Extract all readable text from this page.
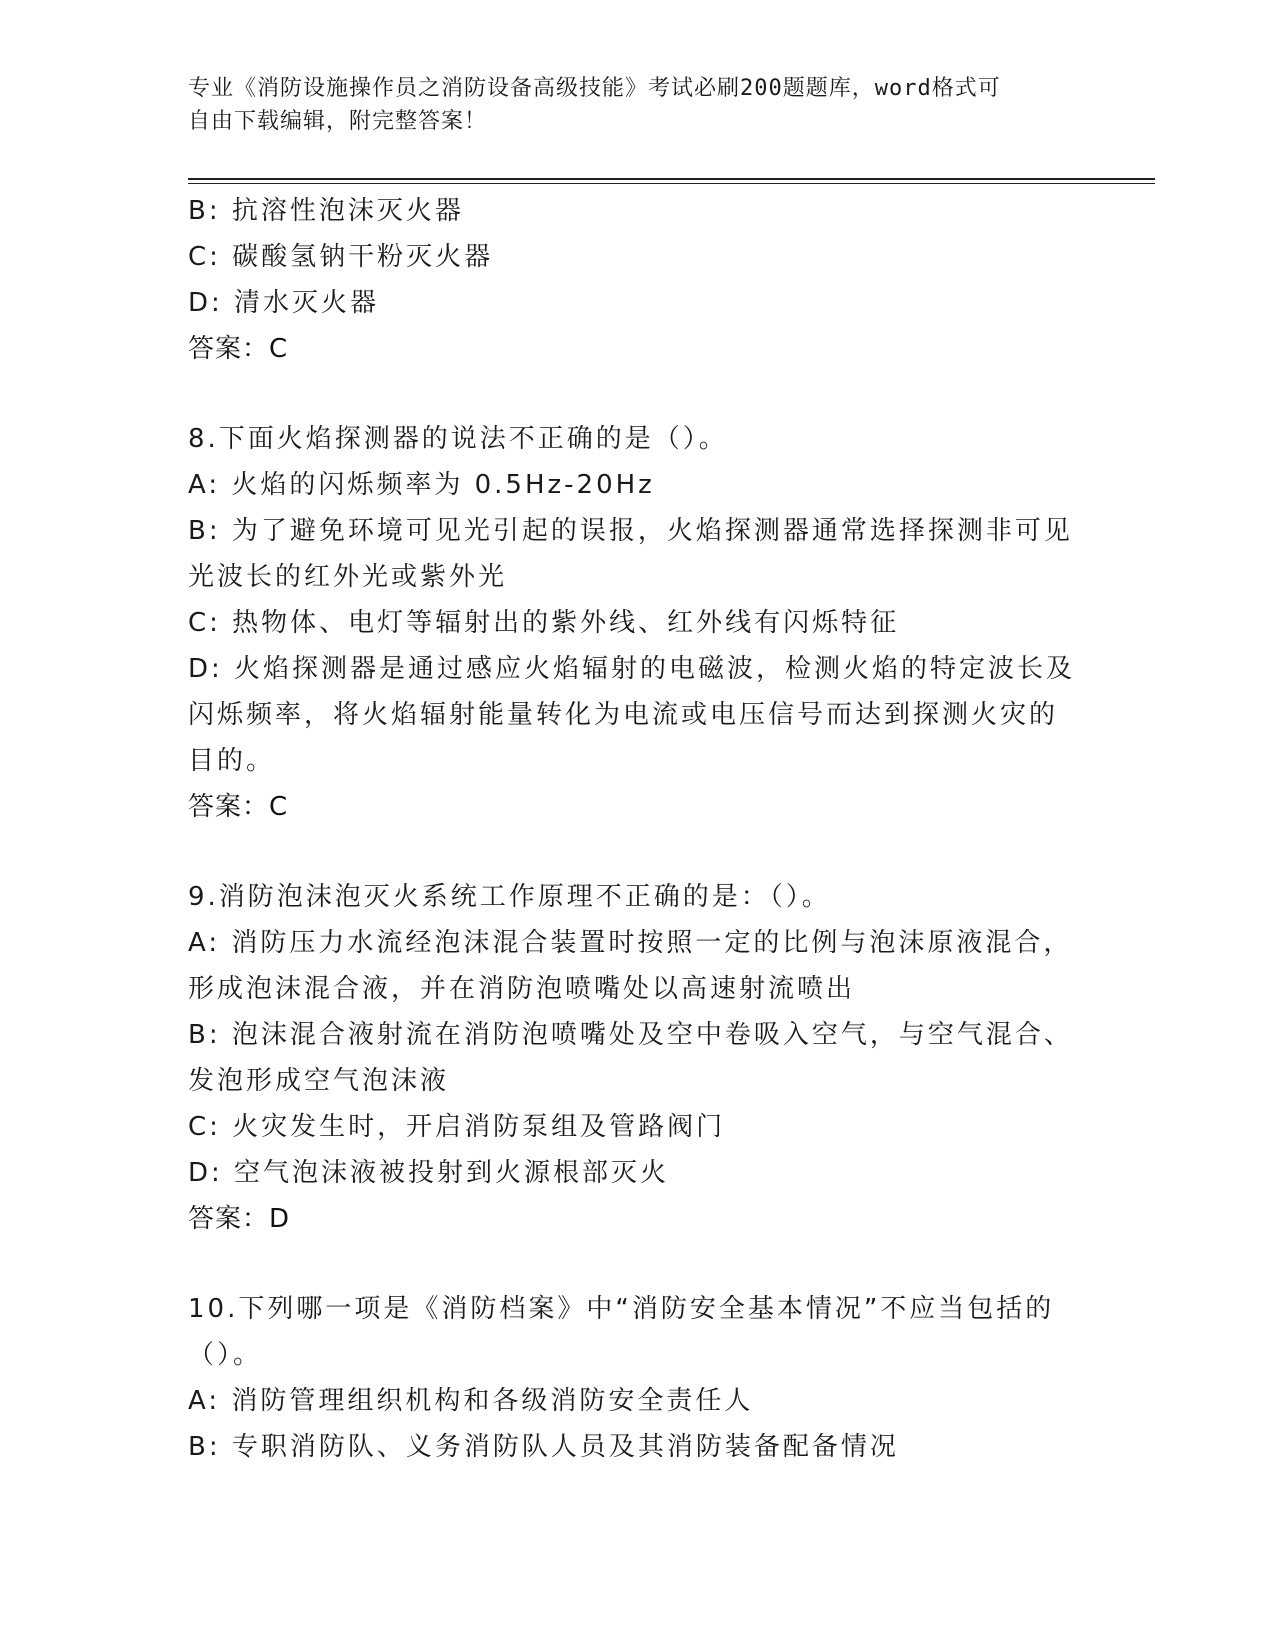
专业《消防设施操作员之消防设备高级技能》考试必刷200题题库，word格式可
自由下载编辑，附完整答案！
B: 抗溶性泡沫灭火器
C: 碳酸氢钠干粉灭火器
D: 清水灭火器
答案：C
8.下面火焰探测器的说法不正确的是（）。
A: 火焰的闪烁频率为 0.5Hz-20Hz
B: 为了避免环境可见光引起的误报，火焰探测器通常选择探测非可见
光波长的红外光或紫外光
C: 热物体、电灯等辐射出的紫外线、红外线有闪烁特征
D: 火焰探测器是通过感应火焰辐射的电磁波，检测火焰的特定波长及
闪烁频率，将火焰辐射能量转化为电流或电压信号而达到探测火灾的
目的。
答案：C
9.消防泡沫泡灭火系统工作原理不正确的是：（）。
A: 消防压力水流经泡沫混合装置时按照一定的比例与泡沫原液混合，
形成泡沫混合液，并在消防泡喷嘴处以高速射流喷出
B: 泡沫混合液射流在消防泡喷嘴处及空中卷吸入空气，与空气混合、
发泡形成空气泡沫液
C: 火灾发生时，开启消防泵组及管路阀门
D: 空气泡沫液被投射到火源根部灭火
答案：D
10.下列哪一项是《消防档案》中“消防安全基本情况”不应当包括的
（）。
A: 消防管理组织机构和各级消防安全责任人
B: 专职消防队、义务消防队人员及其消防装备配备情况
